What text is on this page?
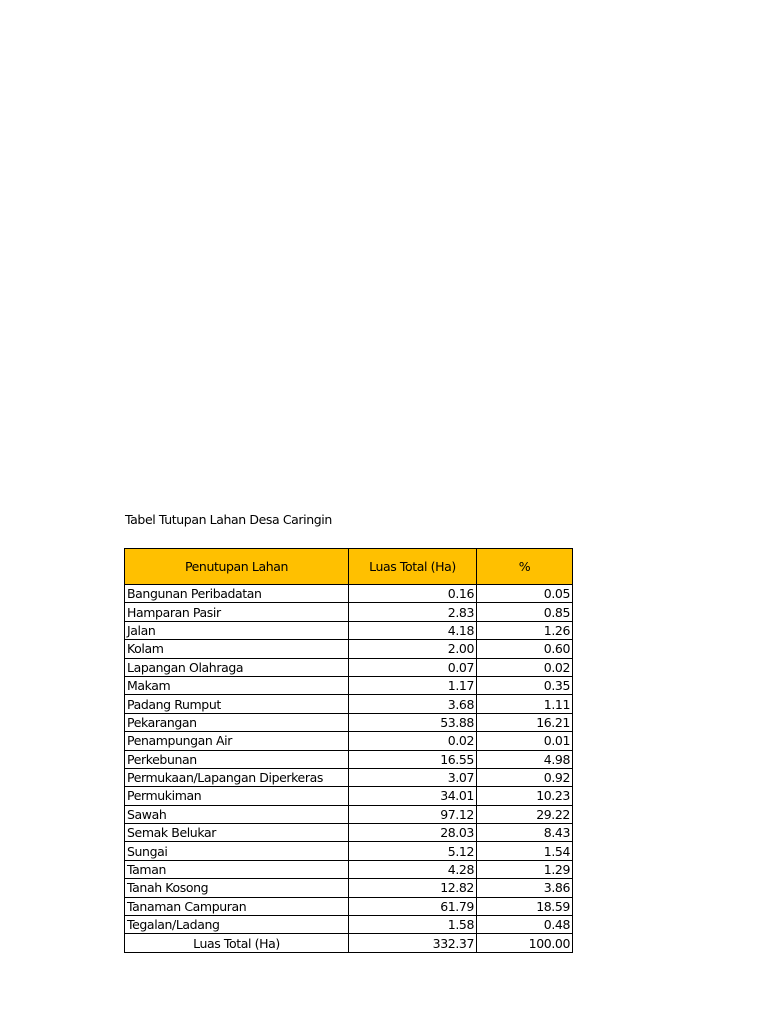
Tabel Tutupan Lahan Desa Caringin
Penutupan Lahan	Luas Total (Ha)	%
Bangunan Peribadatan	0.16	0.05
Hamparan Pasir	2.83	0.85
Jalan	4.18	1.26
Kolam	2.00	0.60
Lapangan Olahraga	0.07	0.02
Makam	1.17	0.35
Padang Rumput	3.68	1.11
Pekarangan	53.88	16.21
Penampungan Air	0.02	0.01
Perkebunan	16.55	4.98
Permukaan/Lapangan Diperkeras	3.07	0.92
Permukiman	34.01	10.23
Sawah	97.12	29.22
Semak Belukar	28.03	8.43
Sungai	5.12	1.54
Taman	4.28	1.29
Tanah Kosong	12.82	3.86
Tanaman Campuran	61.79	18.59
Tegalan/Ladang	1.58	0.48
Luas Total (Ha)	332.37	100.00
